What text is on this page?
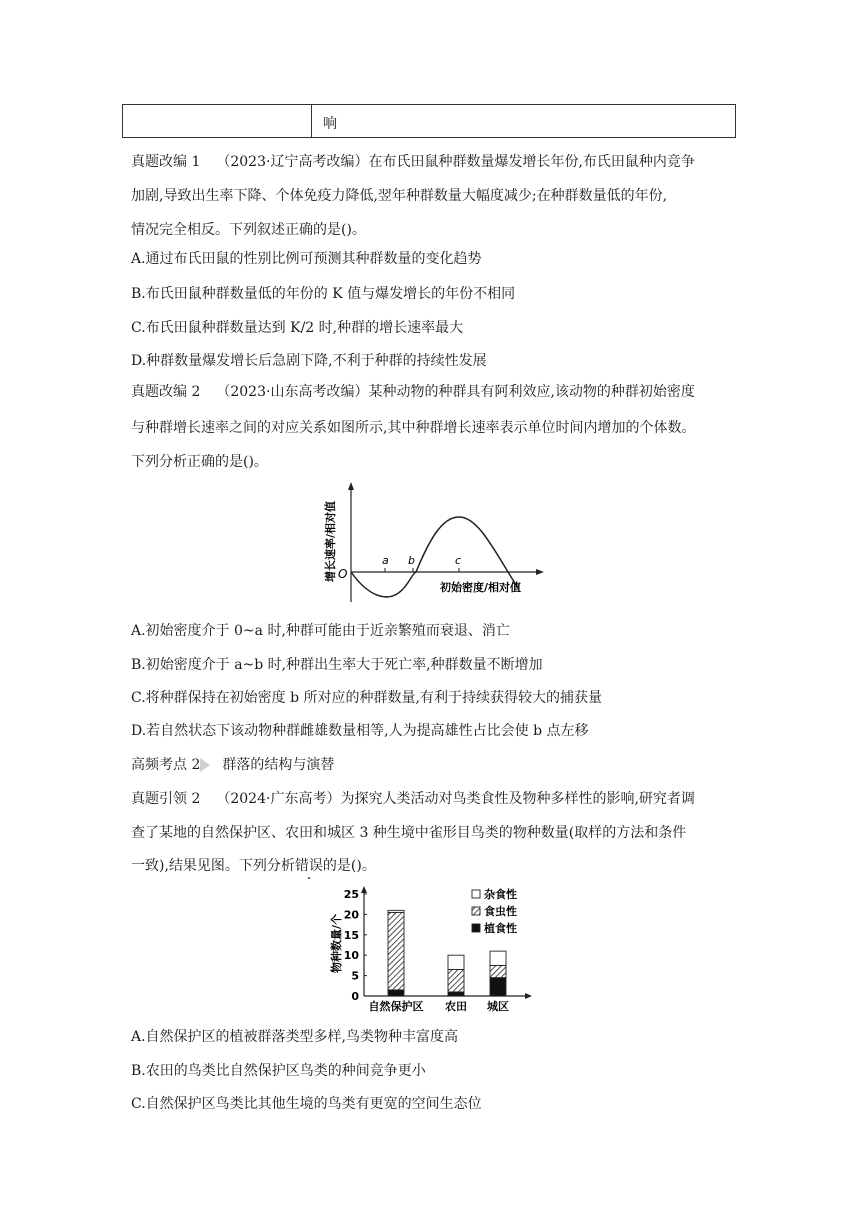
响
真题改编 1 （2023·辽宁高考改编）在布氏田鼠种群数量爆发增长年份,布氏田鼠种内竞争
加剧,导致出生率下降、个体免疫力降低,翌年种群数量大幅度减少;在种群数量低的年份,
情况完全相反。下列叙述正确的是()。
A.通过布氏田鼠的性别比例可预测其种群数量的变化趋势
B.布氏田鼠种群数量低的年份的 K 值与爆发增长的年份不相同
C.布氏田鼠种群数量达到 K/2 时,种群的增长速率最大
D.种群数量爆发增长后急剧下降,不利于种群的持续性发展
真题改编 2 （2023·山东高考改编）某种动物的种群具有阿利效应,该动物的种群初始密度
与种群增长速率之间的对应关系如图所示,其中种群增长速率表示单位时间内增加的个体数。
下列分析正确的是()。
a b	c
O
初始密度/相对值
增长速率/相对值
A.初始密度介于 0~a 时,种群可能由于近亲繁殖而衰退、消亡
B.初始密度介于 a~b 时,种群出生率大于死亡率,种群数量不断增加
C.将种群保持在初始密度 b 所对应的种群数量,有利于持续获得较大的捕获量
D.若自然状态下该动物种群雌雄数量相等,人为提高雄性占比会使 b 点左移
高频考点 2 群落的结构与演替
真题引领 2 （2024·广东高考）为探究人类活动对鸟类食性及物种多样性的影响,研究者调
查了某地的自然保护区、农田和城区 3 种生境中雀形目鸟类的物种数量(取样的方法和条件
一致),结果见图。下列分析错误的是()。
0
5
10
15
20
25
物种数量/个
自然保护区 农田 城区
杂食性
食虫性
植食性
A.自然保护区的植被群落类型多样,鸟类物种丰富度高
B.农田的鸟类比自然保护区鸟类的种间竞争更小
C.自然保护区鸟类比其他生境的鸟类有更宽的空间生态位
